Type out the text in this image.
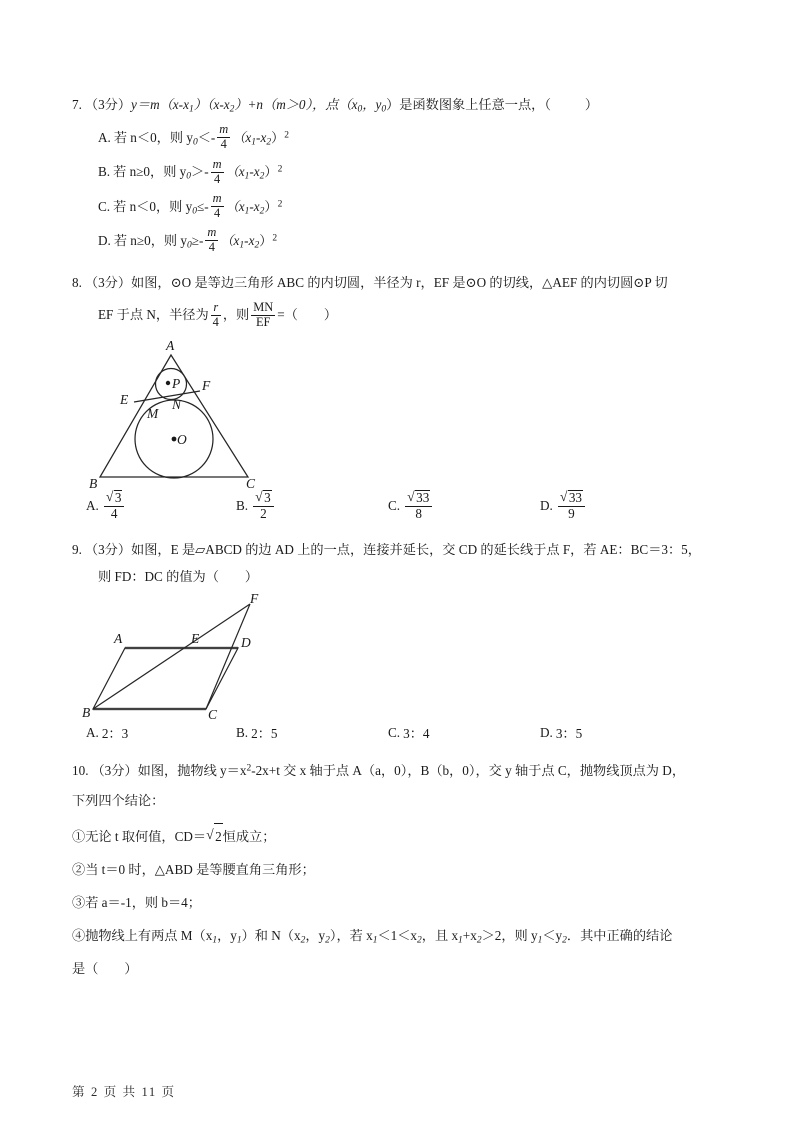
7. （3分）$y=m(x-x_1)(x-x_2)+n(m>0)$，点（$x_0$，$y_0$）是函数图象上任意一点，（	）

A. 若 n＜0，则 $y_0<- \frac{m}{4} (x_1-x_2)^2$

B. 若 n≥0，则 $y_0>- \frac{m}{4} (x_1-x_2)^2$

C. 若 n＜0，则 $y_0\le- \frac{m}{4} (x_1-x_2)^2$

D. 若 n≥0，则 $y_0\ge- \frac{m}{4} (x_1-x_2)^2$

8. （3分）如图，⊙O 是等边三角形 ABC 的内切圆，半径为 r，EF 是⊙O 的切线，△AEF 的内切圆⊙P 切

EF 于点 N，半径为 $\frac{r}{4}$ ，则 $\frac{MN}{EF}$ =（ ）

A
B	C
E
F
M
N
O
P
A. √ $\frac{3}{4}$	B. √ $\frac{3}{2}$	C. √ $\frac{33}{8}$	D. √ $\frac{33}{9}$

9. （3分）如图，E 是▱ABCD 的边 AD 上的一点，连接并延长，交 CD 的延长线于点 F，若 AE：BC＝3：5，

则 FD：DC 的值为（ ）

A
B	C
D
E
F
A. 2：3	B. 2：5	C. 3：4	D. 3：5

10. （3分）如图，抛物线 $y=x^2-2x+t$ 交 x 轴于点 A（a，0），B（b，0），交 y 轴于点 C，抛物线顶点为 D，

下列四个结论：

①无论 t 取何值，CD＝ √ 2恒成立；

②当 t＝0 时，△ABD 是等腰直角三角形；

③若 a＝-1，则 b＝4；

④抛物线上有两点 $M(x_1$，$y_1$）和 $N(x_2$，$y_2$），若 $x_1<1<x_2$，且 $x_1+x_2>2$，则 $y_1<y_2$．其中正确的结论

是（ ）

第 2 页 共 11 页
